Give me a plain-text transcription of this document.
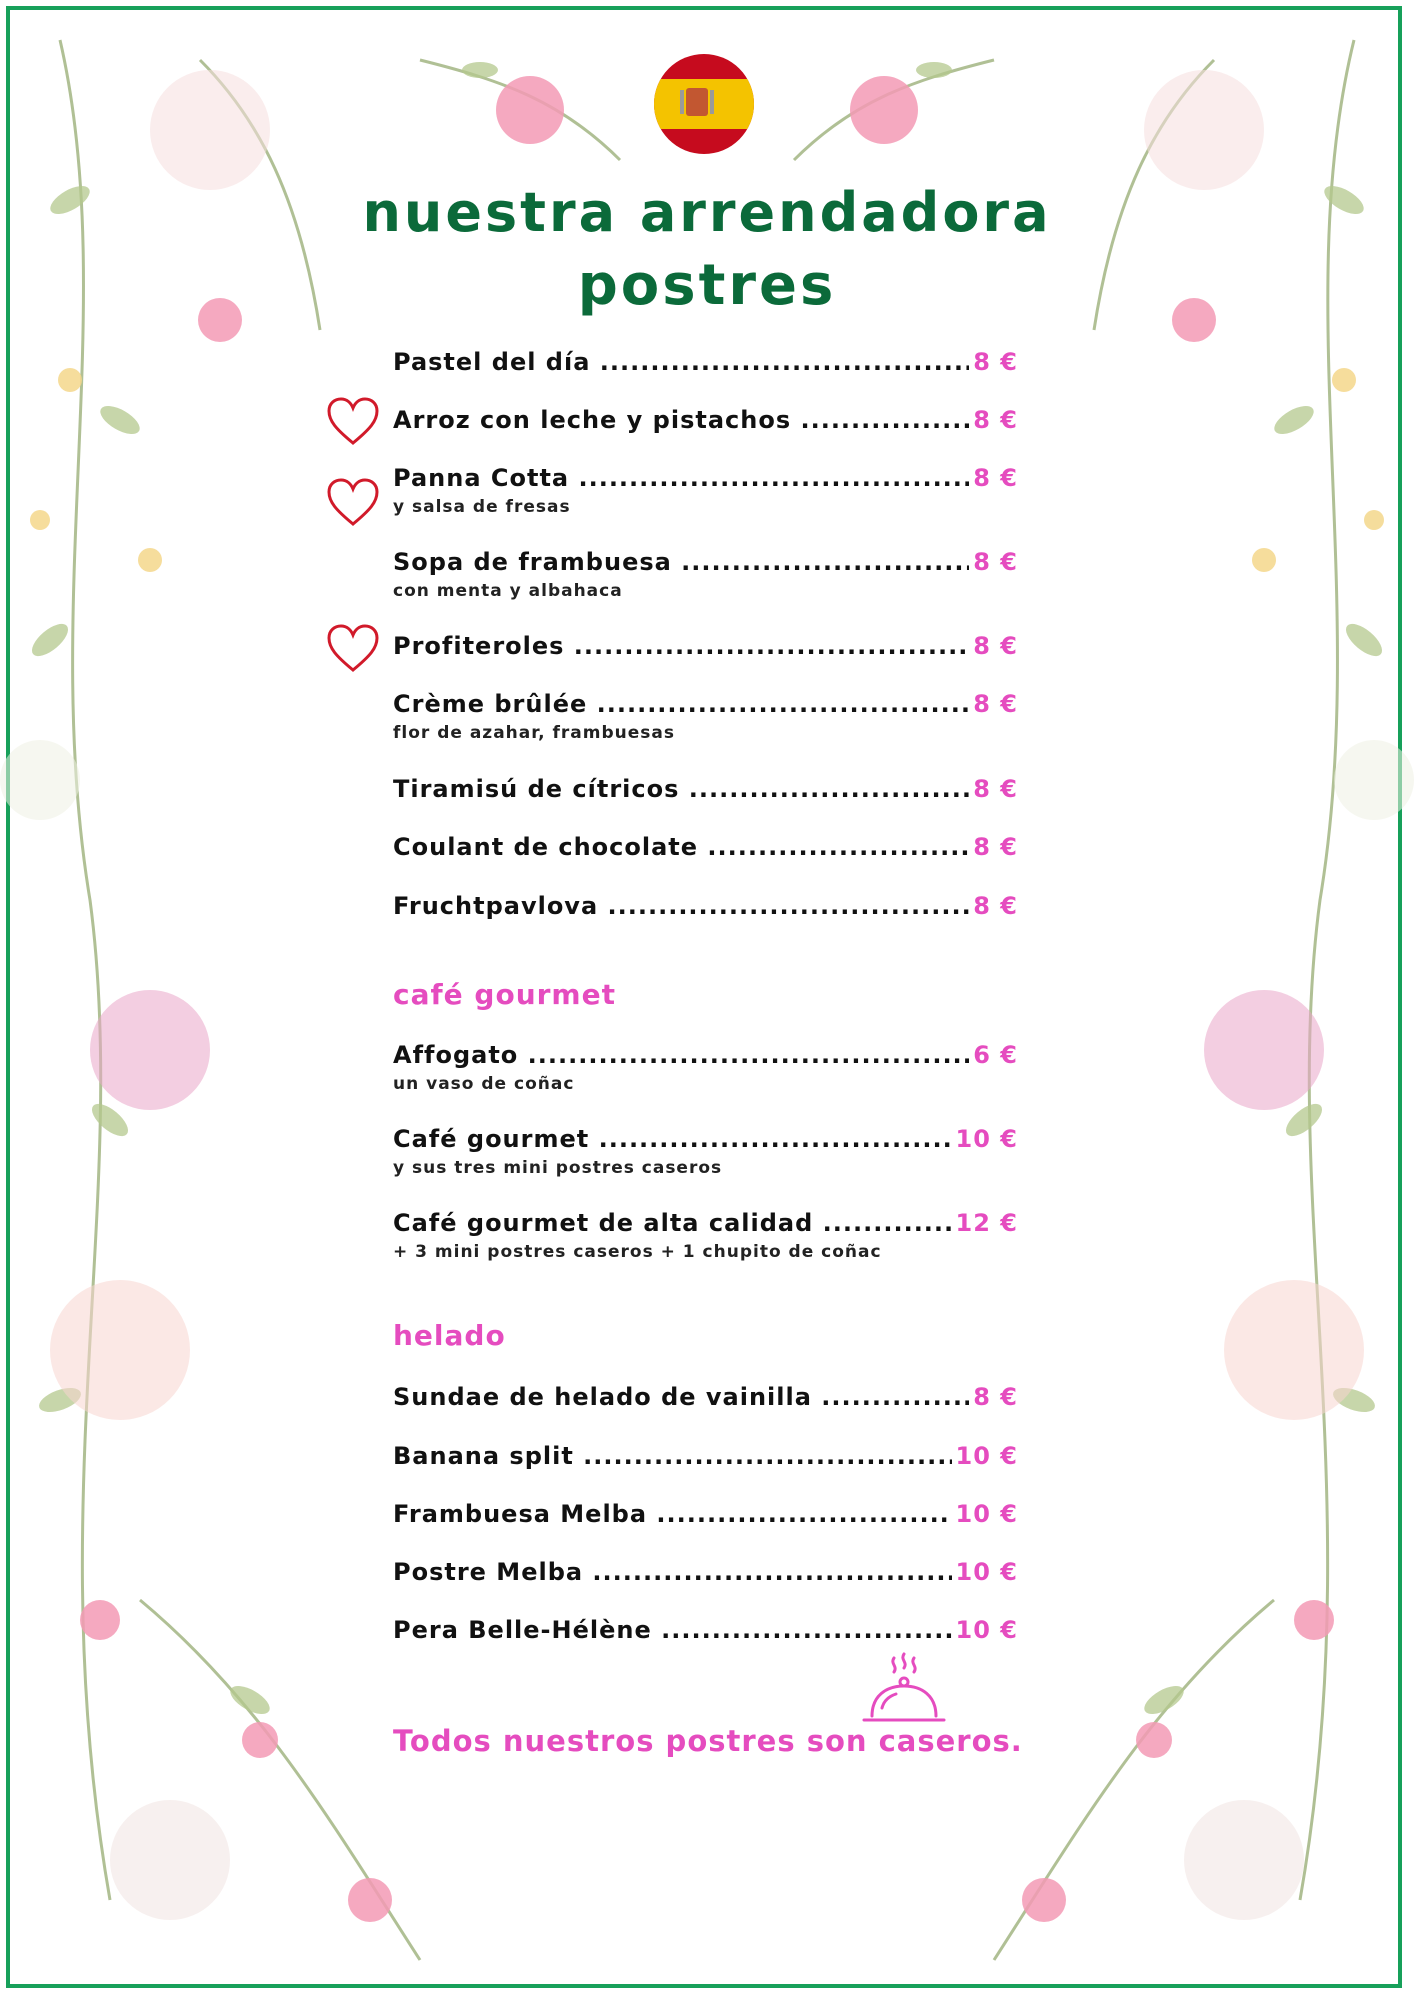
nuestra arrendadora
postres
Pastel del día .....	8 €
Arroz con leche y pistachos .....	8 €
Panna Cotta .....	8 €
y salsa de fresas
Sopa de frambuesa .....	8 €
con menta y albahaca
Profiteroles .....	8 €
Crème brûlée .....	8 €
flor de azahar, frambuesas
Tiramisú de cítricos .....	8 €
Coulant de chocolate .....	8 €
Fruchtpavlova .....	8 €
café gourmet
Affogato .....	6 €
un vaso de coñac
Café gourmet .....	10 €
y sus tres mini postres caseros
Café gourmet de alta calidad .....	12 €
+ 3 mini postres caseros + 1 chupito de coñac
helado
Sundae de helado de vainilla .....	8 €
Banana split .....	10 €
Frambuesa Melba .....	10 €
Postre Melba .....	10 €
Pera Belle-Hélène .....	10 €
Todos nuestros postres son caseros.
